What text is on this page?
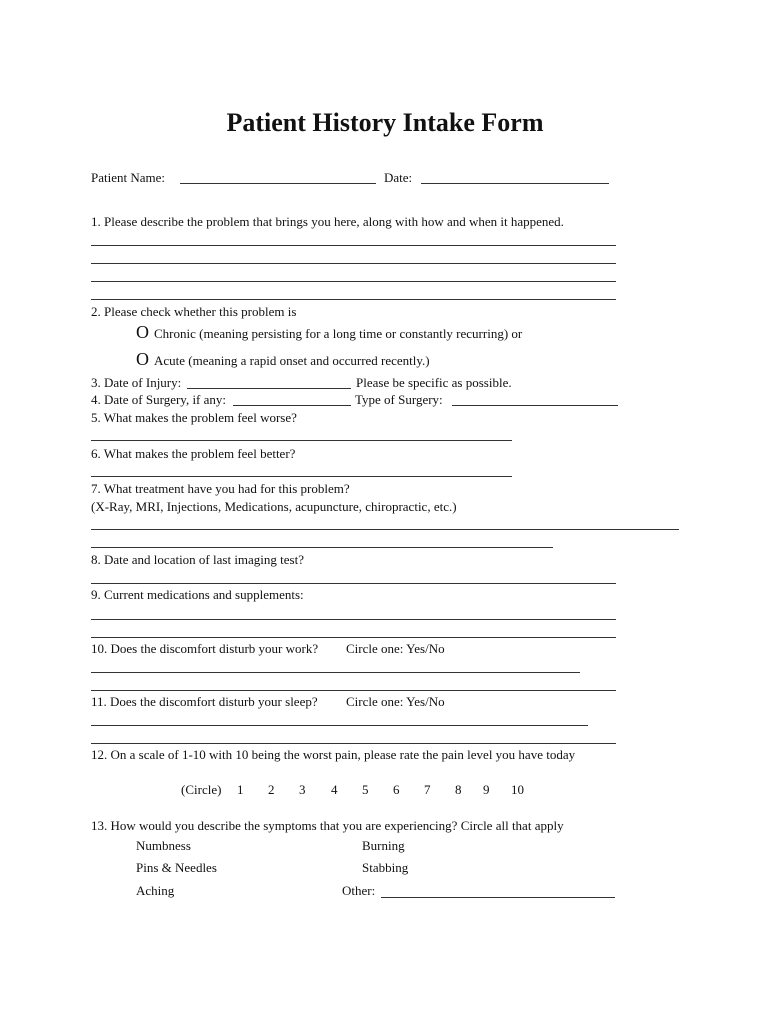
Patient History Intake Form
Patient Name:	Date:
1. Please describe the problem that brings you here, along with how and when it happened.
2. Please check whether this problem is
O Chronic (meaning persisting for a long time or constantly recurring) or
O Acute (meaning a rapid onset and occurred recently.)
3. Date of Injury:	Please be specific as possible.
4. Date of Surgery, if any:	Type of Surgery:
5. What makes the problem feel worse?
6. What makes the problem feel better?
7. What treatment have you had for this problem?
(X-Ray, MRI, Injections, Medications, acupuncture, chiropractic, etc.)
8. Date and location of last imaging test?
9. Current medications and supplements:
10. Does the discomfort disturb your work? Circle one: Yes/No
11. Does the discomfort disturb your sleep? Circle one: Yes/No
12. On a scale of 1-10 with 10 being the worst pain, please rate the pain level you have today
(Circle) 1 2 3 4 5 6 7 8 9 10
13. How would you describe the symptoms that you are experiencing? Circle all that apply
Numbness
Pins & Needles
Aching
Burning
Stabbing
Other:
